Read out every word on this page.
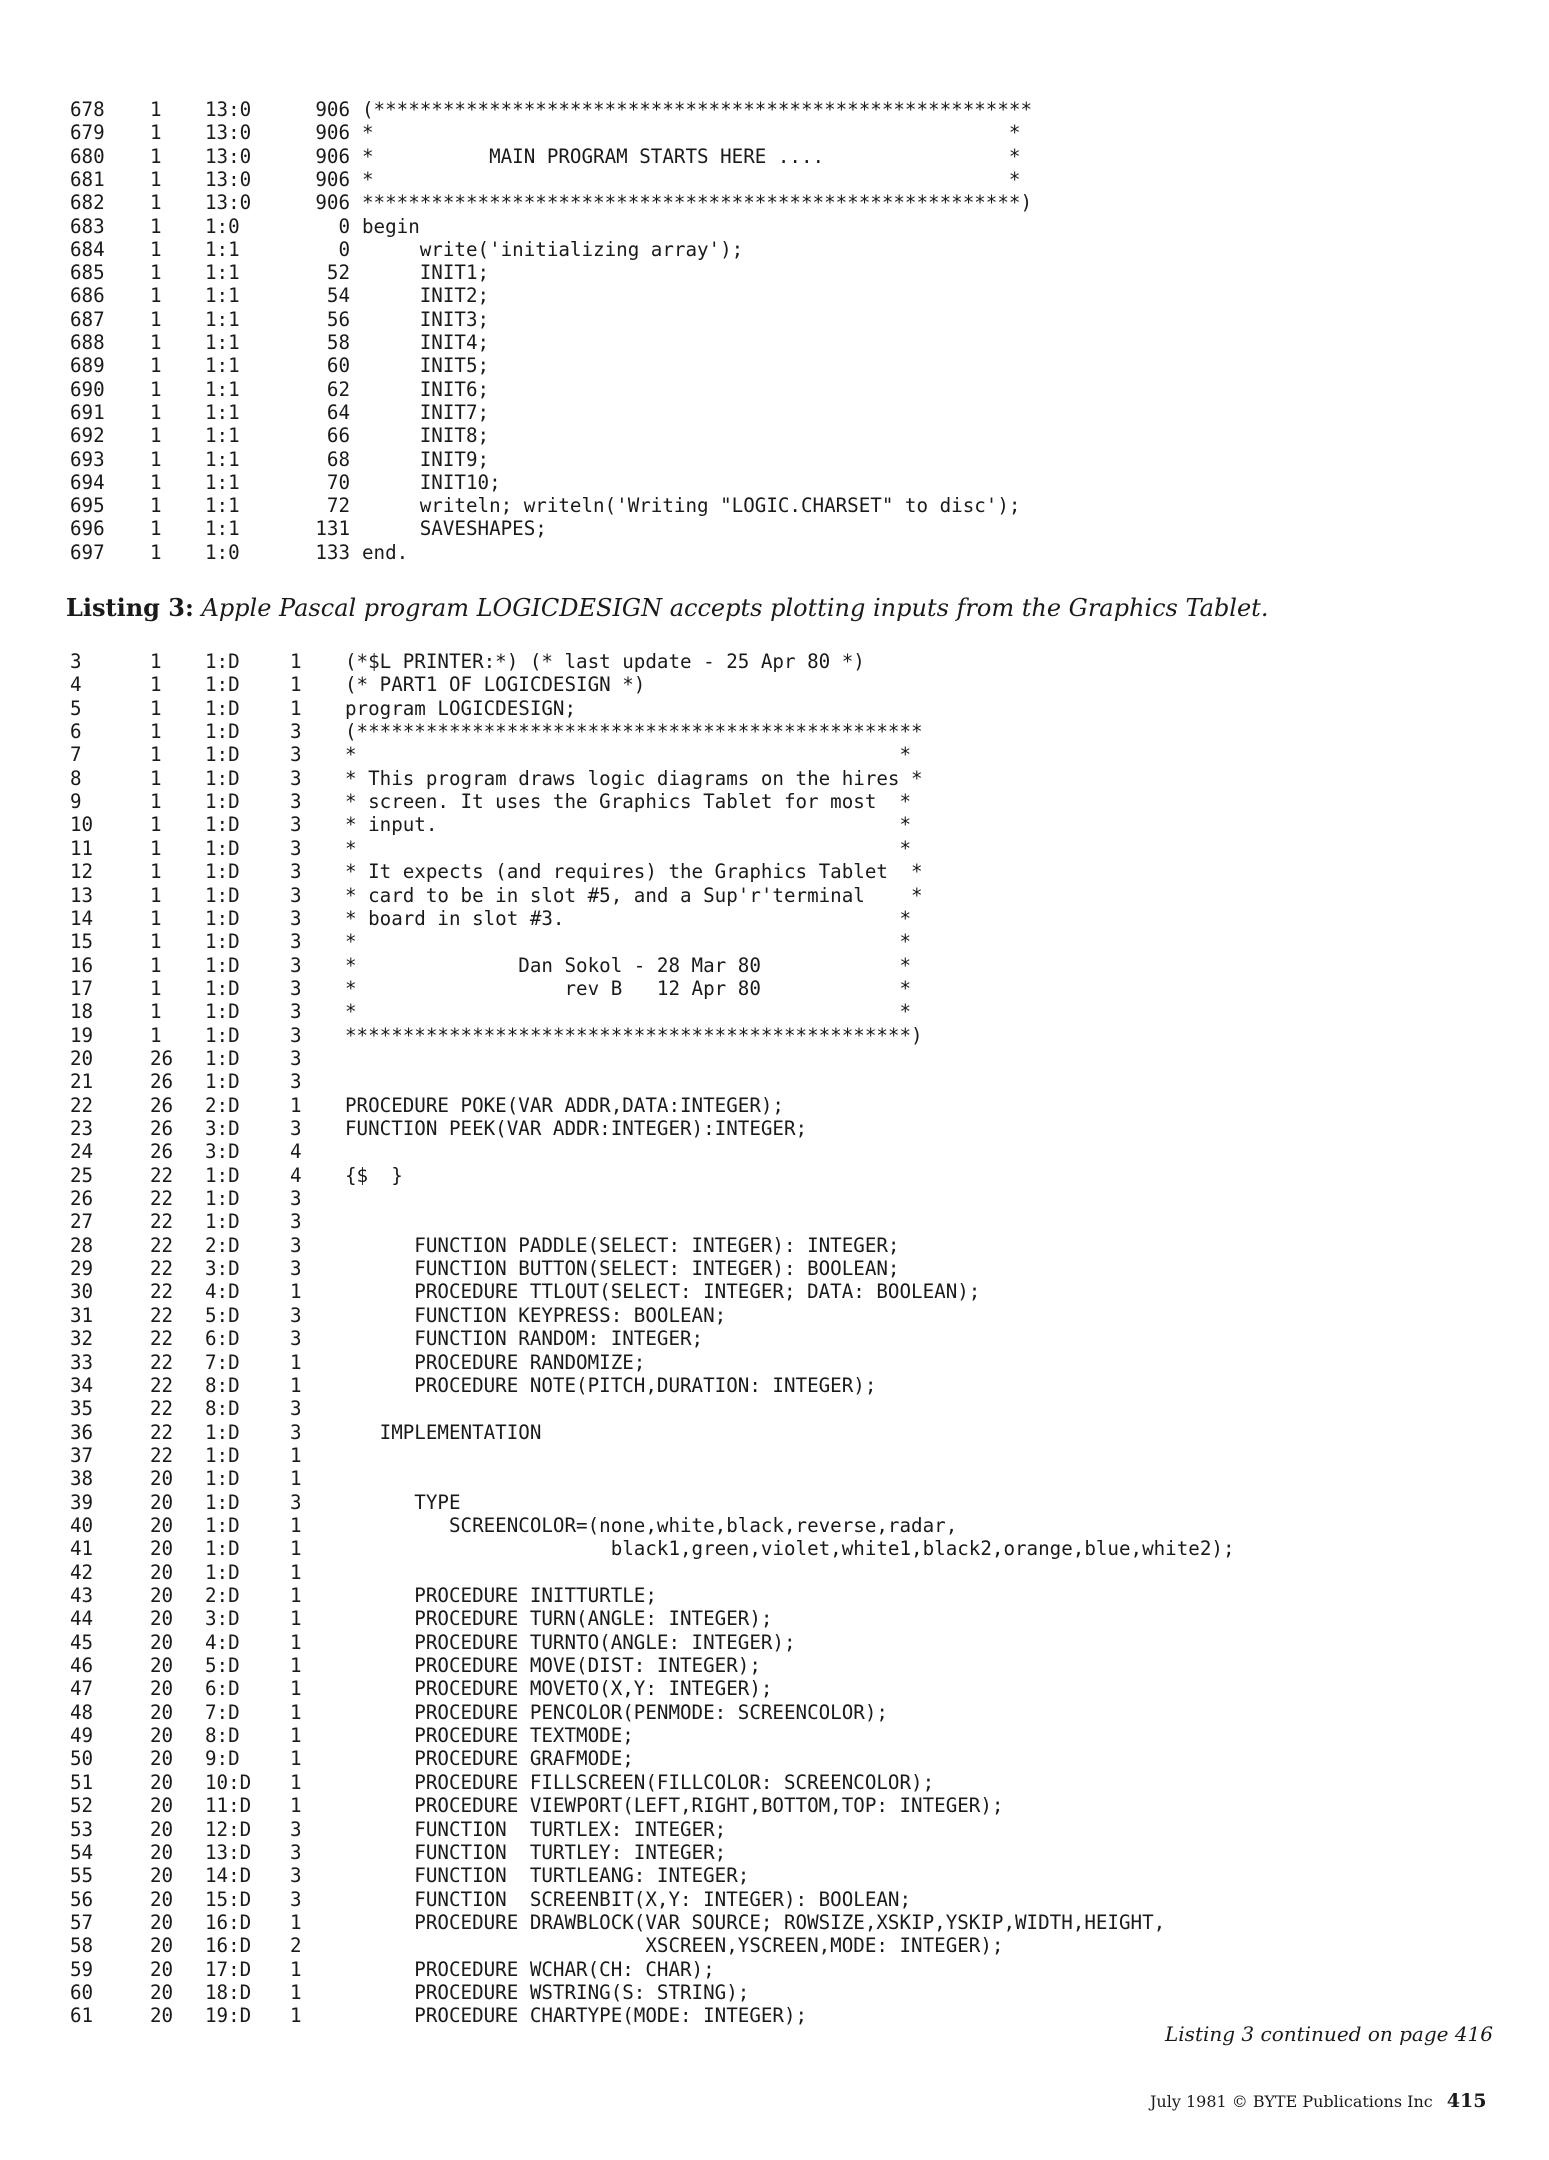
678	1	13:0	906 (*********************************************************
679	1	13:0	906 *                                                       *
680	1	13:0	906 *          MAIN PROGRAM STARTS HERE ....                *
681	1	13:0	906 *                                                       *
682	1	13:0	906 *********************************************************)
683	1	1:0	0 begin
684	1	1:1	0 write('initializing array');
685	1	1:1	52 INIT1;
686	1	1:1	54 INIT2;
687	1	1:1	56 INIT3;
688	1	1:1	58 INIT4;
689	1	1:1	60 INIT5;
690	1	1:1	62 INIT6;
691	1	1:1	64 INIT7;
692	1	1:1	66 INIT8;
693	1	1:1	68 INIT9;
694	1	1:1	70 INIT10;
695	1	1:1	72 writeln; writeln('Writing "LOGIC.CHARSET" to disc');
696	1	1:1	131 SAVESHAPES;
697	1	1:0	133 end.
Listing 3: Apple Pascal program LOGICDESIGN accepts plotting inputs from the Graphics Tablet.
3	1	1:D	1	(*$L PRINTER:*) (* last update - 25 Apr 80 *)
4	1	1:D	1	(* PART1 OF LOGICDESIGN *)
5	1	1:D	1	program LOGICDESIGN;
6	1	1:D	3	(*************************************************
7	1	1:D	3	*                                               *
8	1	1:D	3	* This program draws logic diagrams on the hires *
9	1	1:D	3	* screen. It uses the Graphics Tablet for most  *
10	1	1:D	3	* input.                                        *
11	1	1:D	3	*                                               *
12	1	1:D	3	* It expects (and requires) the Graphics Tablet  *
13	1	1:D	3	* card to be in slot #5, and a Sup'r'terminal    *
14	1	1:D	3	* board in slot #3.                             *
15	1	1:D	3	*                                               *
16	1	1:D	3	*              Dan Sokol - 28 Mar 80            *
17	1	1:D	3	*                  rev B   12 Apr 80            *
18	1	1:D	3	*                                               *
19	1	1:D	3	*************************************************)
20	26	1:D	3
21	26	1:D	3
22	26	2:D	1	PROCEDURE POKE(VAR ADDR,DATA:INTEGER);
23	26	3:D	3	FUNCTION PEEK(VAR ADDR:INTEGER):INTEGER;
24	26	3:D	4
25	22	1:D	4	{$  }
26	22	1:D	3
27	22	1:D	3
28	22	2:D	3	FUNCTION PADDLE(SELECT: INTEGER): INTEGER;
29	22	3:D	3	FUNCTION BUTTON(SELECT: INTEGER): BOOLEAN;
30	22	4:D	1	PROCEDURE TTLOUT(SELECT: INTEGER; DATA: BOOLEAN);
31	22	5:D	3	FUNCTION KEYPRESS: BOOLEAN;
32	22	6:D	3	FUNCTION RANDOM: INTEGER;
33	22	7:D	1	PROCEDURE RANDOMIZE;
34	22	8:D	1	PROCEDURE NOTE(PITCH,DURATION: INTEGER);
35	22	8:D	3
36	22	1:D	3	IMPLEMENTATION
37	22	1:D	1
38	20	1:D	1
39	20	1:D	3	TYPE
40	20	1:D	1	SCREENCOLOR=(none,white,black,reverse,radar,
41	20	1:D	1	black1,green,violet,white1,black2,orange,blue,white2);
42	20	1:D	1
43	20	2:D	1	PROCEDURE INITTURTLE;
44	20	3:D	1	PROCEDURE TURN(ANGLE: INTEGER);
45	20	4:D	1	PROCEDURE TURNTO(ANGLE: INTEGER);
46	20	5:D	1	PROCEDURE MOVE(DIST: INTEGER);
47	20	6:D	1	PROCEDURE MOVETO(X,Y: INTEGER);
48	20	7:D	1	PROCEDURE PENCOLOR(PENMODE: SCREENCOLOR);
49	20	8:D	1	PROCEDURE TEXTMODE;
50	20	9:D	1	PROCEDURE GRAFMODE;
51	20	10:D	1	PROCEDURE FILLSCREEN(FILLCOLOR: SCREENCOLOR);
52	20	11:D	1	PROCEDURE VIEWPORT(LEFT,RIGHT,BOTTOM,TOP: INTEGER);
53	20	12:D	3	FUNCTION  TURTLEX: INTEGER;
54	20	13:D	3	FUNCTION  TURTLEY: INTEGER;
55	20	14:D	3	FUNCTION  TURTLEANG: INTEGER;
56	20	15:D	3	FUNCTION  SCREENBIT(X,Y: INTEGER): BOOLEAN;
57	20	16:D	1	PROCEDURE DRAWBLOCK(VAR SOURCE; ROWSIZE,XSKIP,YSKIP,WIDTH,HEIGHT,
58	20	16:D	2	XSCREEN,YSCREEN,MODE: INTEGER);
59	20	17:D	1	PROCEDURE WCHAR(CH: CHAR);
60	20	18:D	1	PROCEDURE WSTRING(S: STRING);
61	20	19:D	1	PROCEDURE CHARTYPE(MODE: INTEGER);
Listing 3 continued on page 416
July 1981 © BYTE Publications Inc 415
